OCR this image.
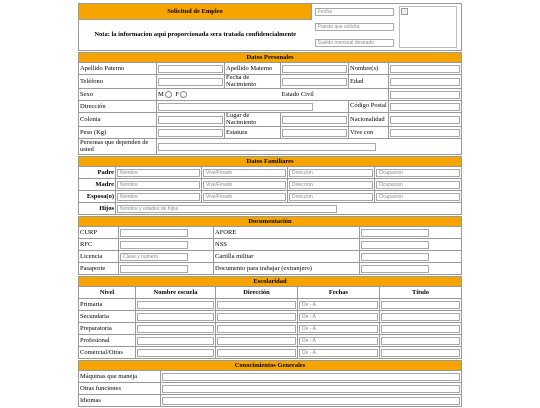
Solicitud de Empleo	Fecha	

Nota: la informacion aqui proporcionada sera tratada confidencialmente	Puesto que solicita	

	Sueldo mensual deseado	
Datos Personales					
Apellido Paterno		Apellido Materno		Nombre(s)	

Teléfono		Fecha de Nacimiento		Edad	

Sexo	M F		Estado Civil		

Dirección				Código Postal	

Colonia		Lugar de Nacimiento		Nacionalidad	

Peso (Kg)		Estatura		Vive con	

Personas que dependen de usted					
Datos Familiares				
Padre	Nombre	Vive/Finado	Direccion	Ocupacion

Madre	Nombre	Vive/Finado	Direccion	Ocupacion

Esposa(o)	Nombre	Vive/Finado	Direccion	Ocupacion

Hijos	Nombre y edades de hijos			
Documentación			
CURP		AFORE	

RFC		NSS	

Licencia	Clase y numero	Cartilla militar	

Pasaporte		Documento para trabajar (extranjero)	
Escolaridad				
Nivel	Nombre escuela	Dirección	Fechas	Título
Primaria			De - A	

Secundaria			De - A	

Preparatoria			De - A	

Profesional			De - A	

Comercial/Otras			De - A	

Conocimientos Generales	
Máquinas que maneja	

Otras funciones	

Idiomas	
